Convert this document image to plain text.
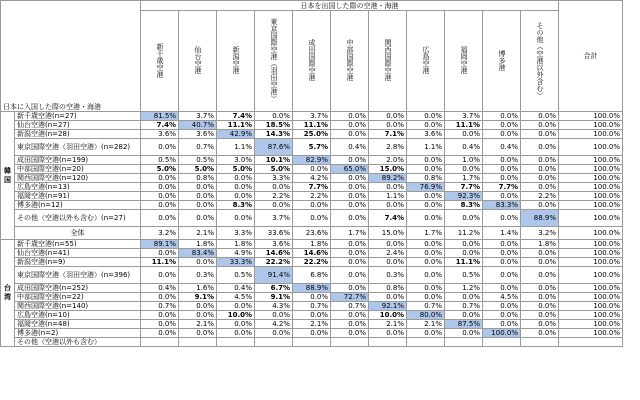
日本に入国した際の空港・海港		日本を出国した際の空港・海港											合計
		新千歳空港	仙台空港	新潟空港	東京国際空港（羽田空港）	成田国際空港	中部国際空港	関西国際空港	広島空港	福岡空港	博多港	その他（空港以外含む）	
韓国	新千歳空港(n=27)	81.5%	3.7%	7.4%	0.0%	3.7%	0.0%	0.0%	0.0%	3.7%	0.0%	0.0%	100.0%
	仙台空港(n=27)	7.4%	40.7%	11.1%	18.5%	11.1%	0.0%	0.0%	0.0%	11.1%	0.0%	0.0%	100.0%
	新潟空港(n=28)	3.6%	3.6%	42.9%	14.3%	25.0%	0.0%	7.1%	3.6%	0.0%	0.0%	0.0%	100.0%
	東京国際空港（羽田空港）(n=282)	0.0%	0.7%	1.1%	87.6%	5.7%	0.4%	2.8%	1.1%	0.4%	0.4%	0.0%	100.0%
	成田国際空港(n=199)	0.5%	0.5%	3.0%	10.1%	82.9%	0.0%	2.0%	0.0%	1.0%	0.0%	0.0%	100.0%
	中部国際空港(n=20)	5.0%	5.0%	5.0%	5.0%	0.0%	65.0%	15.0%	0.0%	0.0%	0.0%	0.0%	100.0%
	関西国際空港(n=120)	0.0%	0.8%	0.0%	3.3%	4.2%	0.0%	89.2%	0.8%	1.7%	0.0%	0.0%	100.0%
	広島空港(n=13)	0.0%	0.0%	0.0%	0.0%	7.7%	0.0%	0.0%	76.9%	7.7%	7.7%	0.0%	100.0%
	福岡空港(n=91)	0.0%	0.0%	0.0%	2.2%	2.2%	0.0%	1.1%	0.0%	92.3%	0.0%	2.2%	100.0%
	博多港(n=12)	0.0%	0.0%	8.3%	0.0%	0.0%	0.0%	0.0%	0.0%	8.3%	83.3%	0.0%	100.0%
	その他（空港以外も含む）(n=27)	0.0%	0.0%	0.0%	3.7%	0.0%	0.0%	7.4%	0.0%	0.0%	0.0%	88.9%	100.0%
	全体	3.2%	2.1%	3.3%	33.6%	23.6%	1.7%	15.0%	1.7%	11.2%	1.4%	3.2%	100.0%
台湾	新千歳空港(n=55)	89.1%	1.8%	1.8%	3.6%	1.8%	0.0%	0.0%	0.0%	0.0%	0.0%	1.8%	100.0%
	仙台空港(n=41)	0.0%	83.4%	4.9%	14.6%	14.6%	0.0%	2.4%	0.0%	0.0%	0.0%	0.0%	100.0%
	新潟空港(n=9)	11.1%	0.0%	33.3%	22.2%	22.2%	0.0%	0.0%	0.0%	11.1%	0.0%	0.0%	100.0%
	東京国際空港（羽田空港）(n=396)	0.0%	0.3%	0.5%	91.4%	6.8%	0.0%	0.3%	0.0%	0.5%	0.0%	0.0%	100.0%
	成田国際空港(n=252)	0.4%	1.6%	0.4%	6.7%	88.9%	0.0%	0.8%	0.0%	1.2%	0.0%	0.0%	100.0%
	中部国際空港(n=22)	0.0%	9.1%	4.5%	9.1%	0.0%	72.7%	0.0%	0.0%	0.0%	4.5%	0.0%	100.0%
	関西国際空港(n=140)	0.7%	0.0%	0.0%	4.3%	0.7%	0.7%	92.1%	0.7%	0.7%	0.0%	0.0%	100.0%
	広島空港(n=10)	0.0%	0.0%	10.0%	0.0%	0.0%	0.0%	10.0%	80.0%	0.0%	0.0%	0.0%	100.0%
	福岡空港(n=48)	0.0%	2.1%	0.0%	4.2%	2.1%	0.0%	2.1%	2.1%	87.5%	0.0%	0.0%	100.0%
	博多港(n=2)	0.0%	0.0%	0.0%	0.0%	0.0%	0.0%	0.0%	0.0%	0.0%	100.0%	0.0%	100.0%
	その他（空港以外も含む）												
